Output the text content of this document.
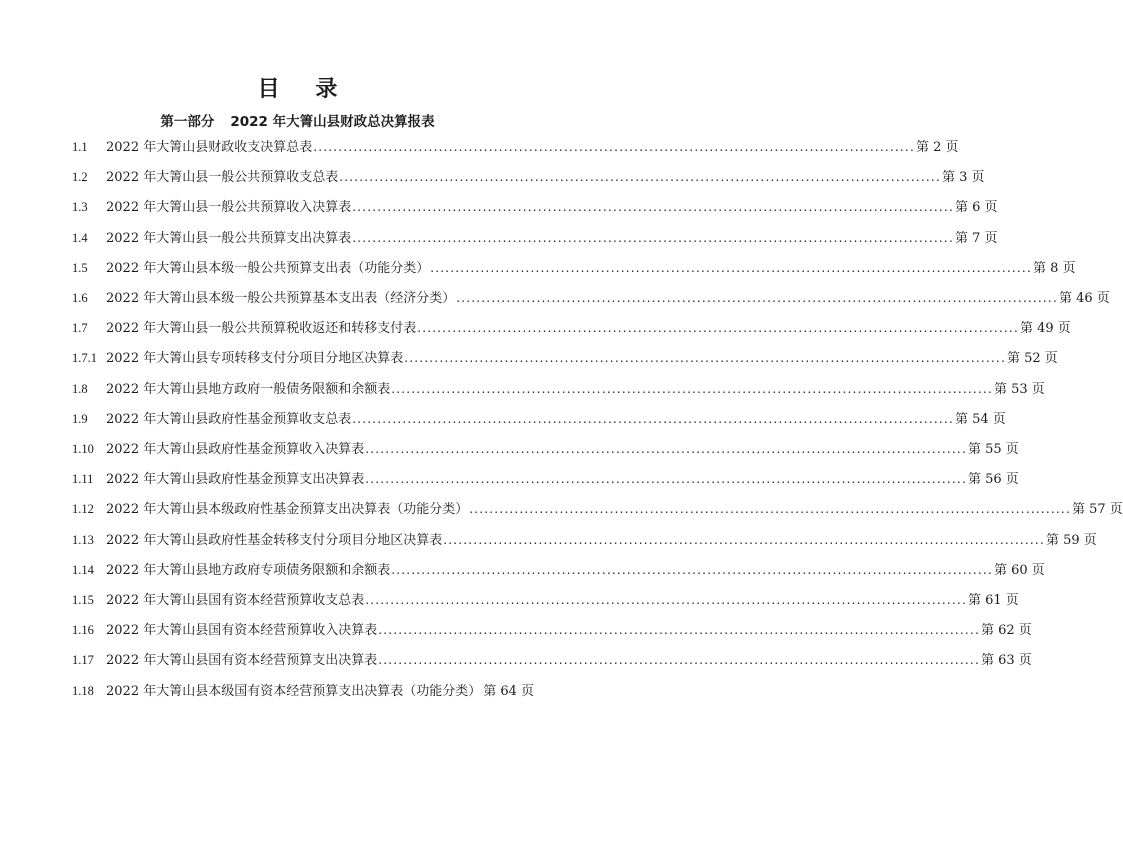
目 录
第一部分 2022 年大箐山县财政总决算报表
1.1	2022 年大箐山县财政收支决算总表 ........................................................................................................................ 第 2 页
1.2	2022 年大箐山县一般公共预算收支总表 ........................................................................................................................ 第 3 页
1.3	2022 年大箐山县一般公共预算收入决算表 ........................................................................................................................ 第 6 页
1.4	2022 年大箐山县一般公共预算支出决算表 ........................................................................................................................ 第 7 页
1.5	2022 年大箐山县本级一般公共预算支出表（功能分类） ........................................................................................................................ 第 8 页
1.6	2022 年大箐山县本级一般公共预算基本支出表（经济分类） ........................................................................................................................ 第 46 页
1.7	2022 年大箐山县一般公共预算税收返还和转移支付表 ........................................................................................................................ 第 49 页
1.7.1 2022 年大箐山县专项转移支付分项目分地区决算表 ........................................................................................................................ 第 52 页
1.8	2022 年大箐山县地方政府一般债务限额和余额表 ........................................................................................................................ 第 53 页
1.9	2022 年大箐山县政府性基金预算收支总表 ........................................................................................................................ 第 54 页
1.10 2022 年大箐山县政府性基金预算收入决算表 ........................................................................................................................ 第 55 页
1.11 2022 年大箐山县政府性基金预算支出决算表 ........................................................................................................................ 第 56 页
1.12 2022 年大箐山县本级政府性基金预算支出决算表（功能分类） ........................................................................................................................ 第 57 页
1.13 2022 年大箐山县政府性基金转移支付分项目分地区决算表 ........................................................................................................................ 第 59 页
1.14 2022 年大箐山县地方政府专项债务限额和余额表 ........................................................................................................................ 第 60 页
1.15 2022 年大箐山县国有资本经营预算收支总表 ........................................................................................................................ 第 61 页
1.16 2022 年大箐山县国有资本经营预算收入决算表 ........................................................................................................................ 第 62 页
1.17 2022 年大箐山县国有资本经营预算支出决算表 ........................................................................................................................ 第 63 页
1.18 2022 年大箐山县本级国有资本经营预算支出决算表（功能分类） 第 64 页
